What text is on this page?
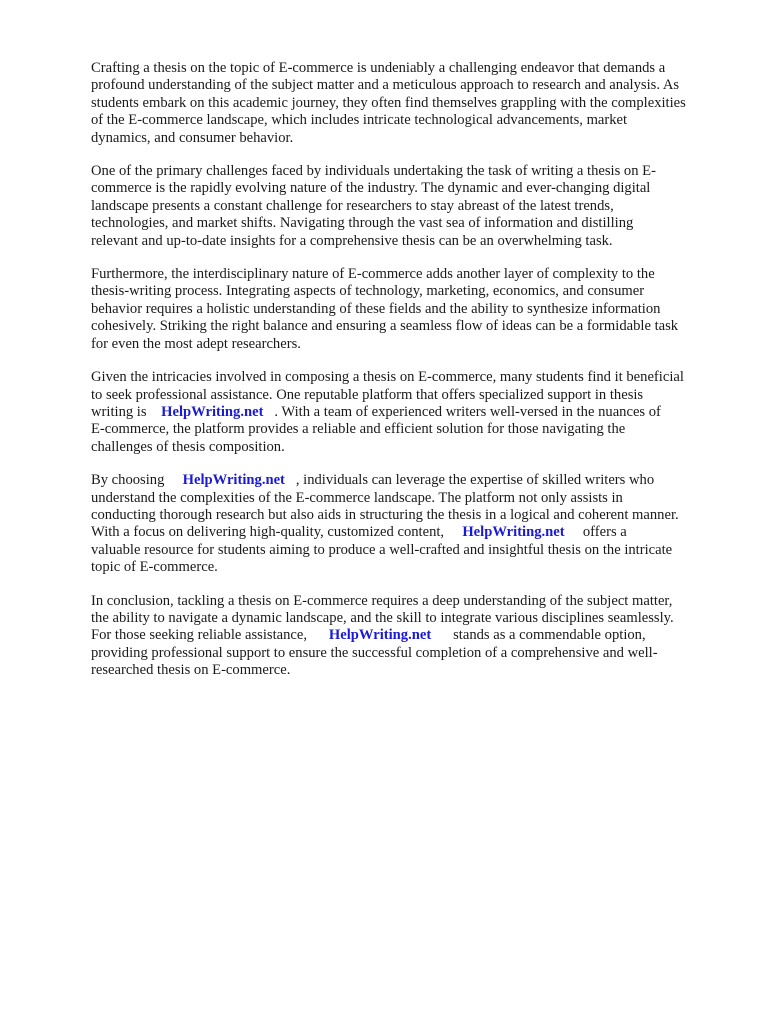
Crafting a thesis on the topic of E-commerce is undeniably a challenging endeavor that demands a
profound understanding of the subject matter and a meticulous approach to research and analysis. As
students embark on this academic journey, they often find themselves grappling with the complexities
of the E-commerce landscape, which includes intricate technological advancements, market
dynamics, and consumer behavior.

One of the primary challenges faced by individuals undertaking the task of writing a thesis on E-
commerce is the rapidly evolving nature of the industry. The dynamic and ever-changing digital
landscape presents a constant challenge for researchers to stay abreast of the latest trends,
technologies, and market shifts. Navigating through the vast sea of information and distilling
relevant and up-to-date insights for a comprehensive thesis can be an overwhelming task.

Furthermore, the interdisciplinary nature of E-commerce adds another layer of complexity to the
thesis-writing process. Integrating aspects of technology, marketing, economics, and consumer
behavior requires a holistic understanding of these fields and the ability to synthesize information
cohesively. Striking the right balance and ensuring a seamless flow of ideas can be a formidable task
for even the most adept researchers.

Given the intricacies involved in composing a thesis on E-commerce, many students find it beneficial
to seek professional assistance. One reputable platform that offers specialized support in thesis
writing is    HelpWriting.net   . With a team of experienced writers well-versed in the nuances of
E-commerce, the platform provides a reliable and efficient solution for those navigating the
challenges of thesis composition.

By choosing     HelpWriting.net   , individuals can leverage the expertise of skilled writers who
understand the complexities of the E-commerce landscape. The platform not only assists in
conducting thorough research but also aids in structuring the thesis in a logical and coherent manner.
With a focus on delivering high-quality, customized content,     HelpWriting.net     offers a
valuable resource for students aiming to produce a well-crafted and insightful thesis on the intricate
topic of E-commerce.

In conclusion, tackling a thesis on E-commerce requires a deep understanding of the subject matter,
the ability to navigate a dynamic landscape, and the skill to integrate various disciplines seamlessly.
For those seeking reliable assistance,      HelpWriting.net      stands as a commendable option,
providing professional support to ensure the successful completion of a comprehensive and well-
researched thesis on E-commerce.
